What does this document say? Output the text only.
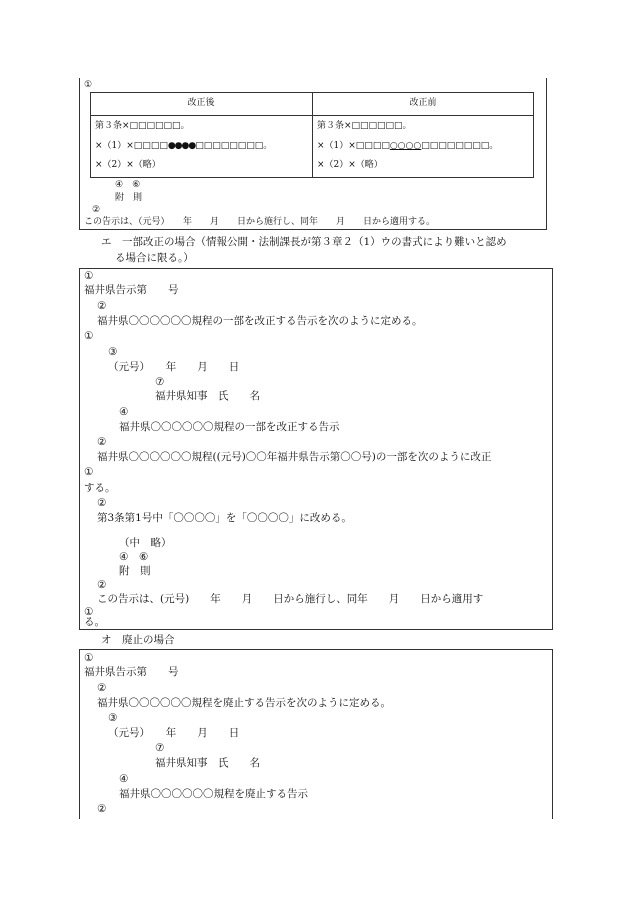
①
改正後	改正前
第３条×□□□□□□。
×（1）×□□□□●●●●□□□□□□□□。
×（2）×（略）
第３条×□□□□□□。
×（1）×□□□□○○○○□□□□□□□□。
×（2）×（略）
④　⑥
附　則
②
この告示は、（元号）　　年　　月　　日から施行し、同年　　月　　日から適用する。
エ　一部改正の場合（情報公開・法制課長が第３章２（1）ウの書式により難いと認め
る場合に限る。）
①
福井県告示第　　号
②
福井県〇〇〇〇〇〇規程の一部を改正する告示を次のように定める。
①
③
（元号）　　年　　月　　日
⑦
福井県知事　氏　　名
④
福井県〇〇〇〇〇〇規程の一部を改正する告示
②
福井県〇〇〇〇〇〇規程((元号)〇〇年福井県告示第〇〇号)の一部を次のように改正
①
する。
②
第3条第1号中「〇〇〇〇」を「〇〇〇〇」に改める。
（中　略）
④　⑥
附　則
②
この告示は、(元号)　　年　　月　　日から施行し、同年　　月　　日から適用す
①
る。
オ　廃止の場合
①
福井県告示第　　号
②
福井県〇〇〇〇〇〇規程を廃止する告示を次のように定める。
③
（元号）　　年　　月　　日
⑦
福井県知事　氏　　名
④
福井県〇〇〇〇〇〇規程を廃止する告示
②
